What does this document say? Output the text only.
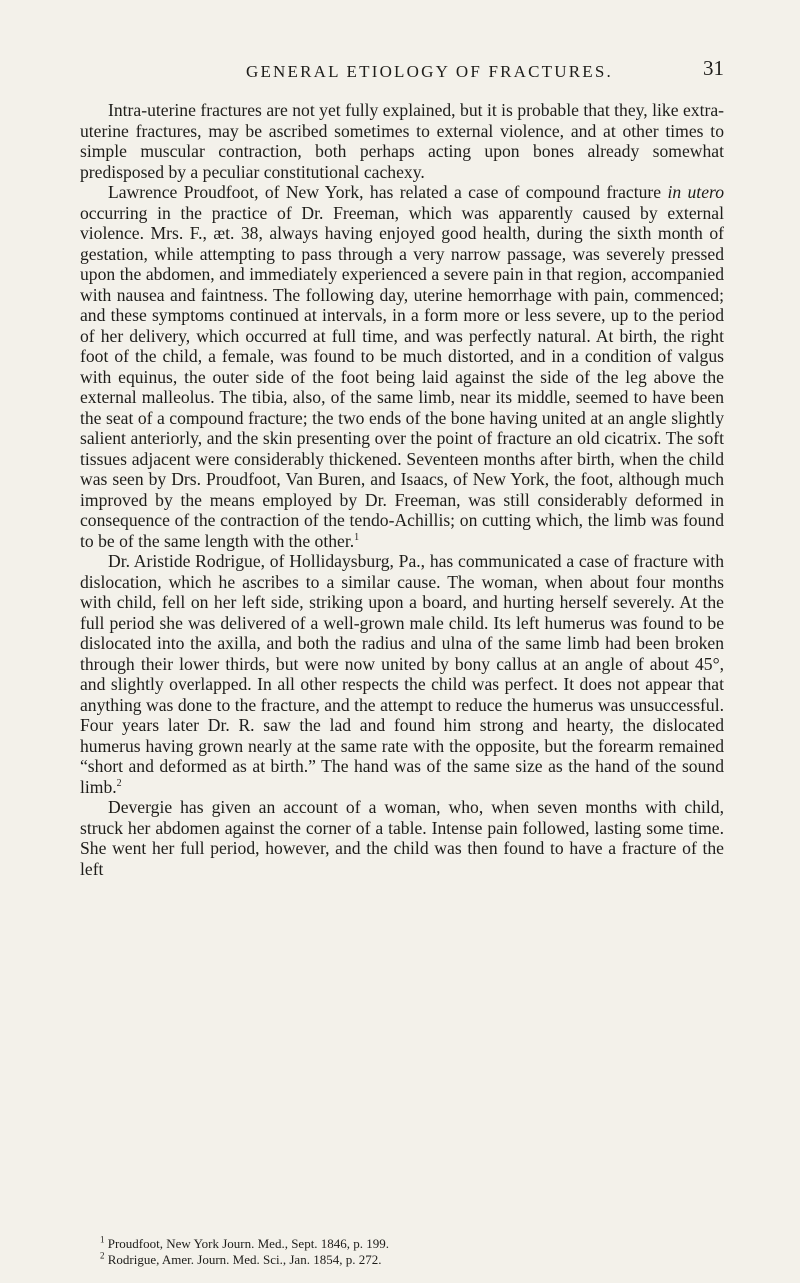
GENERAL ETIOLOGY OF FRACTURES.	31

Intra-uterine fractures are not yet fully explained, but it is probable that they, like extra-uterine fractures, may be ascribed sometimes to external violence, and at other times to simple muscular contraction, both perhaps acting upon bones already somewhat predisposed by a peculiar constitutional cachexy.

Lawrence Proudfoot, of New York, has related a case of compound fracture in utero occurring in the practice of Dr. Freeman, which was apparently caused by external violence. Mrs. F., æt. 38, always having enjoyed good health, during the sixth month of gestation, while attempting to pass through a very narrow passage, was severely pressed upon the abdomen, and immediately experienced a severe pain in that region, accompanied with nausea and faintness. The following day, uterine hemorrhage with pain, commenced; and these symptoms continued at intervals, in a form more or less severe, up to the period of her delivery, which occurred at full time, and was perfectly natural. At birth, the right foot of the child, a female, was found to be much distorted, and in a condition of valgus with equinus, the outer side of the foot being laid against the side of the leg above the external malleolus. The tibia, also, of the same limb, near its middle, seemed to have been the seat of a compound fracture; the two ends of the bone having united at an angle slightly salient anteriorly, and the skin presenting over the point of fracture an old cicatrix. The soft tissues adjacent were considerably thickened. Seventeen months after birth, when the child was seen by Drs. Proudfoot, Van Buren, and Isaacs, of New York, the foot, although much improved by the means employed by Dr. Freeman, was still considerably deformed in consequence of the contraction of the tendo-Achillis; on cutting which, the limb was found to be of the same length with the other.$^1$

Dr. Aristide Rodrigue, of Hollidaysburg, Pa., has communicated a case of fracture with dislocation, which he ascribes to a similar cause. The woman, when about four months with child, fell on her left side, striking upon a board, and hurting herself severely. At the full period she was delivered of a well-grown male child. Its left humerus was found to be dislocated into the axilla, and both the radius and ulna of the same limb had been broken through their lower thirds, but were now united by bony callus at an angle of about 45°, and slightly overlapped. In all other respects the child was perfect. It does not appear that anything was done to the fracture, and the attempt to reduce the humerus was unsuccessful. Four years later Dr. R. saw the lad and found him strong and hearty, the dislocated humerus having grown nearly at the same rate with the opposite, but the forearm remained “short and deformed as at birth.” The hand was of the same size as the hand of the sound limb.$^2$

Devergie has given an account of a woman, who, when seven months with child, struck her abdomen against the corner of a table. Intense pain followed, lasting some time. She went her full period, however, and the child was then found to have a fracture of the left

$^1$ Proudfoot, New York Journ. Med., Sept. 1846, p. 199.
$^2$ Rodrigue, Amer. Journ. Med. Sci., Jan. 1854, p. 272.
